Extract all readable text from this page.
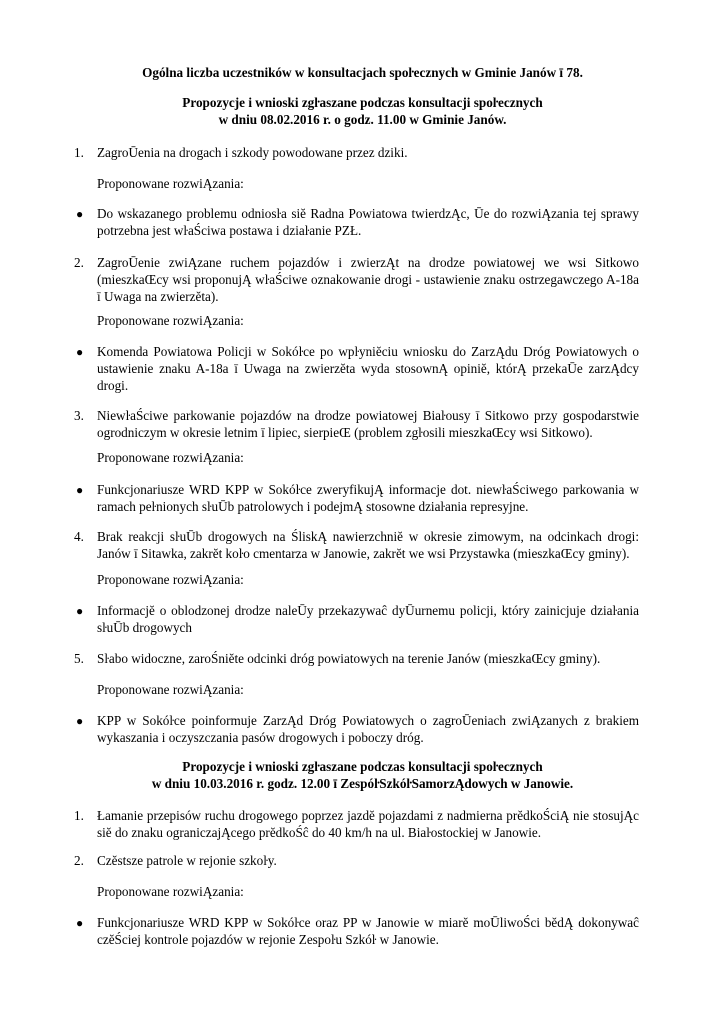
Ogólna liczba uczestników w konsultacjach spoŀecznych w Gminie Janów ī 78.
Propozycje i wnioski zgŀaszane podczas konsultacji spoŀecznych
w dniu 08.02.2016 r. o godz. 11.00 w Gminie Janów.
1. ZagroŪenia na drogach i szkody powodowane przez dziki.
Proponowane rozwiĄzania:
● Do wskazanego problemu odniosŀa siĕ Radna Powiatowa twierdzĄc, Ūe do rozwiĄzania tej sprawy
potrzebna jest wŀaŚciwa postawa i dziaŀanie PZŁ.
2. ZagroŪenie zwiĄzane ruchem pojazdów i zwierzĄt na drodze powiatowej we wsi Sitkowo
(mieszkaŒcy wsi proponujĄ wŀaŚciwe oznakowanie drogi - ustawienie znaku ostrzegawczego A-18a
ī Uwaga na zwierzĕta).
Proponowane rozwiĄzania:
● Komenda Powiatowa Policji w Sokóŀce po wpŀyniĕciu wniosku do ZarzĄdu Dróg Powiatowych o
ustawienie znaku A-18a ī Uwaga na zwierzĕta wyda stosownĄ opiniĕ, którĄ przekaŪe zarzĄdcy
drogi.
3. NiewŀaŚciwe parkowanie pojazdów na drodze powiatowej Biaŀousy ī Sitkowo przy gospodarstwie
ogrodniczym w okresie letnim ī lipiec, sierpieŒ (problem zgŀosili mieszkaŒcy wsi Sitkowo).
Proponowane rozwiĄzania:
● Funkcjonariusze WRD KPP w Sokóŀce zweryfikujĄ informacje dot. niewŀaŚciwego parkowania w
ramach peŀnionych sŀuŪb patrolowych i podejmĄ stosowne dziaŀania represyjne.
4. Brak reakcji sŀuŪb drogowych na ŚliskĄ nawierzchniĕ w okresie zimowym, na odcinkach drogi:
Janów ī Sitawka, zakrĕt koŀo cmentarza w Janowie, zakrĕt we wsi Przystawka (mieszkaŒcy gminy).
Proponowane rozwiĄzania:
● Informacjĕ o oblodzonej drodze naleŪy przekazywaĉ dyŪurnemu policji, który zainicjuje dziaŀania
sŀuŪb drogowych
5. Sŀabo widoczne, zaroŚniĕte odcinki dróg powiatowych na terenie Janów (mieszkaŒcy gminy).
Proponowane rozwiĄzania:
● KPP w Sokóŀce poinformuje ZarzĄd Dróg Powiatowych o zagroŪeniach zwiĄzanych z brakiem
wykaszania i oczyszczania pasów drogowych i poboczy dróg.
Propozycje i wnioski zgŀaszane podczas konsultacji spoŀecznych
w dniu 10.03.2016 r. godz. 12.00 ī ZespóŀSzkóŀSamorzĄdowych w Janowie.
1. Łamanie przepisów ruchu drogowego poprzez jazdĕ pojazdami z nadmierna prĕdkoŚciĄ nie stosujĄc
siĕ do znaku ograniczajĄcego prĕdkoŚĉ do 40 km/h na ul. Biaŀostockiej w Janowie.
2. Czĕstsze patrole w rejonie szkoŀy.
Proponowane rozwiĄzania:
● Funkcjonariusze WRD KPP w Sokóŀce oraz PP w Janowie w miarĕ moŪliwoŚci bĕdĄ dokonywaĉ
czĕŚciej kontrole pojazdów w rejonie Zespoŀu Szkóŀ w Janowie.
